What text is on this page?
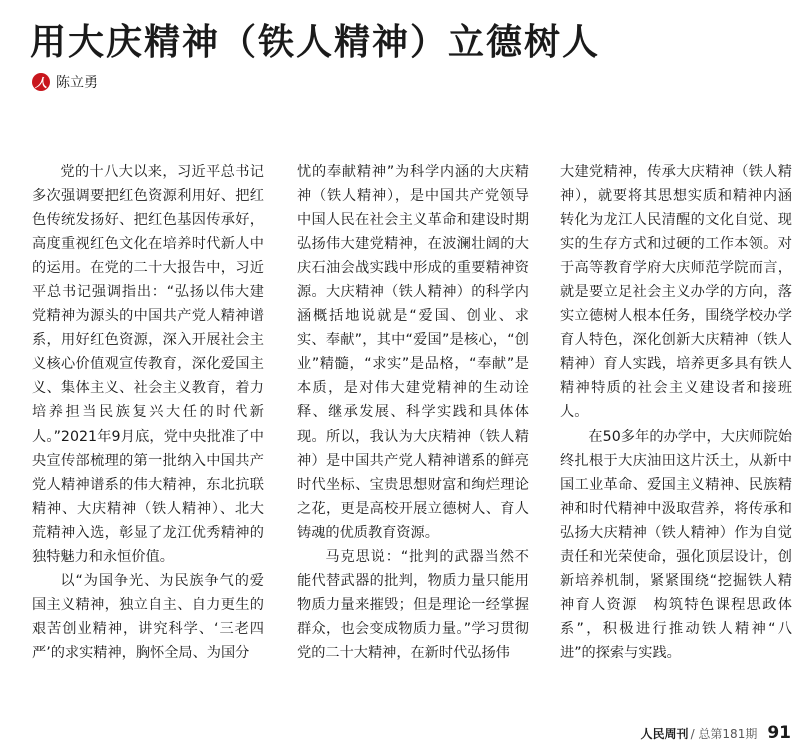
用大庆精神（铁人精神）立德树人
人 陈立勇

党的十八大以来，习近平总书记多次强调要把红色资源利用好、把红色传统发扬好、把红色基因传承好，高度重视红色文化在培养时代新人中的运用。在党的二十大报告中，习近平总书记强调指出：“弘扬以伟大建党精神为源头的中国共产党人精神谱系，用好红色资源，深入开展社会主义核心价值观宣传教育，深化爱国主义、集体主义、社会主义教育，着力培养担当民族复兴大任的时代新人。”2021年9月底，党中央批准了中央宣传部梳理的第一批纳入中国共产党人精神谱系的伟大精神，东北抗联精神、大庆精神（铁人精神）、北大荒精神入选，彰显了龙江优秀精神的独特魅力和永恒价值。

以“为国争光、为民族争气的爱国主义精神，独立自主、自力更生的艰苦创业精神，讲究科学、‘三老四严’的求实精神，胸怀全局、为国分

忧的奉献精神”为科学内涵的大庆精神（铁人精神），是中国共产党领导中国人民在社会主义革命和建设时期弘扬伟大建党精神，在波澜壮阔的大庆石油会战实践中形成的重要精神资源。大庆精神（铁人精神）的科学内涵概括地说就是“爱国、创业、求实、奉献”，其中“爱国”是核心，“创业”精髓，“求实”是品格，“奉献”是本质，是对伟大建党精神的生动诠释、继承发展、科学实践和具体体现。所以，我认为大庆精神（铁人精神）是中国共产党人精神谱系的鲜亮时代坐标、宝贵思想财富和绚烂理论之花，更是高校开展立德树人、育人铸魂的优质教育资源。

马克思说：“批判的武器当然不能代替武器的批判，物质力量只能用物质力量来摧毁；但是理论一经掌握群众，也会变成物质力量。”学习贯彻党的二十大精神，在新时代弘扬伟

大建党精神，传承大庆精神（铁人精神），就要将其思想实质和精神内涵转化为龙江人民清醒的文化自觉、现实的生存方式和过硬的工作本领。对于高等教育学府大庆师范学院而言，就是要立足社会主义办学的方向，落实立德树人根本任务，围绕学校办学育人特色，深化创新大庆精神（铁人精神）育人实践，培养更多具有铁人精神特质的社会主义建设者和接班人。

在50多年的办学中，大庆师院始终扎根于大庆油田这片沃土，从新中国工业革命、爱国主义精神、民族精神和时代精神中汲取营养，将传承和弘扬大庆精神（铁人精神）作为自觉责任和光荣使命，强化顶层设计，创新培养机制，紧紧围绕“挖掘铁人精神育人资源　构筑特色课程思政体系”，积极进行推动铁人精神“八进”的探索与实践。

人民周刊 / 总第181期 91
